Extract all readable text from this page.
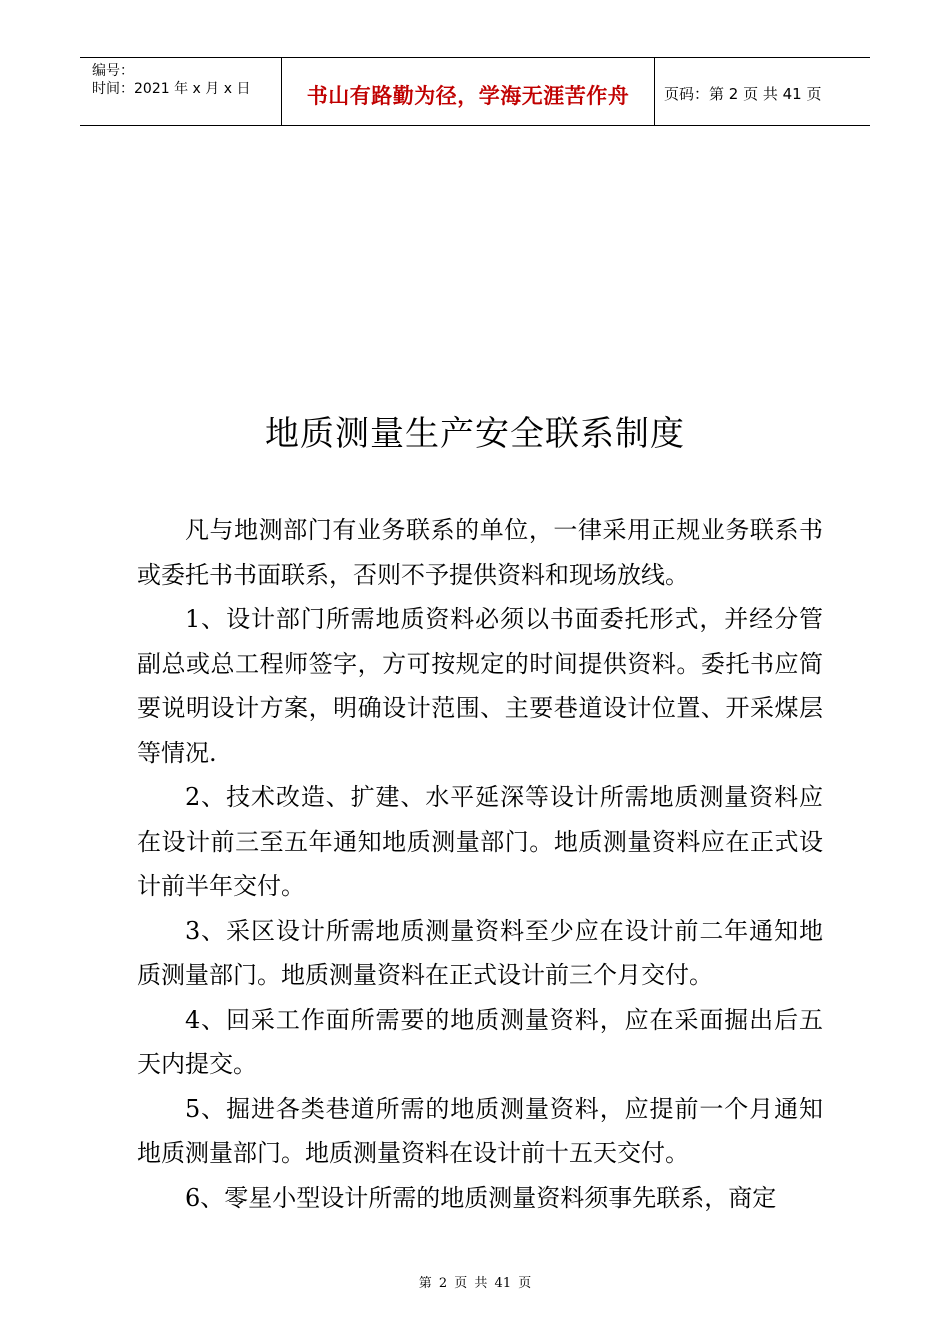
编号：
时间：2021 年 x 月 x 日	书山有路勤为径，学海无涯苦作舟	页码：第 2 页 共 41 页
地质测量生产安全联系制度

凡与地测部门有业务联系的单位，一律采用正规业务联系书或委托书书面联系，否则不予提供资料和现场放线。

1、设计部门所需地质资料必须以书面委托形式，并经分管副总或总工程师签字，方可按规定的时间提供资料。委托书应简要说明设计方案，明确设计范围、主要巷道设计位置、开采煤层等情况.

2、技术改造、扩建、水平延深等设计所需地质测量资料应在设计前三至五年通知地质测量部门。地质测量资料应在正式设计前半年交付。

3、采区设计所需地质测量资料至少应在设计前二年通知地质测量部门。地质测量资料在正式设计前三个月交付。

4、回采工作面所需要的地质测量资料，应在采面掘出后五天内提交。

5、掘进各类巷道所需的地质测量资料，应提前一个月通知地质测量部门。地质测量资料在设计前十五天交付。

6、零星小型设计所需的地质测量资料须事先联系，商定

第 2 页 共 41 页
